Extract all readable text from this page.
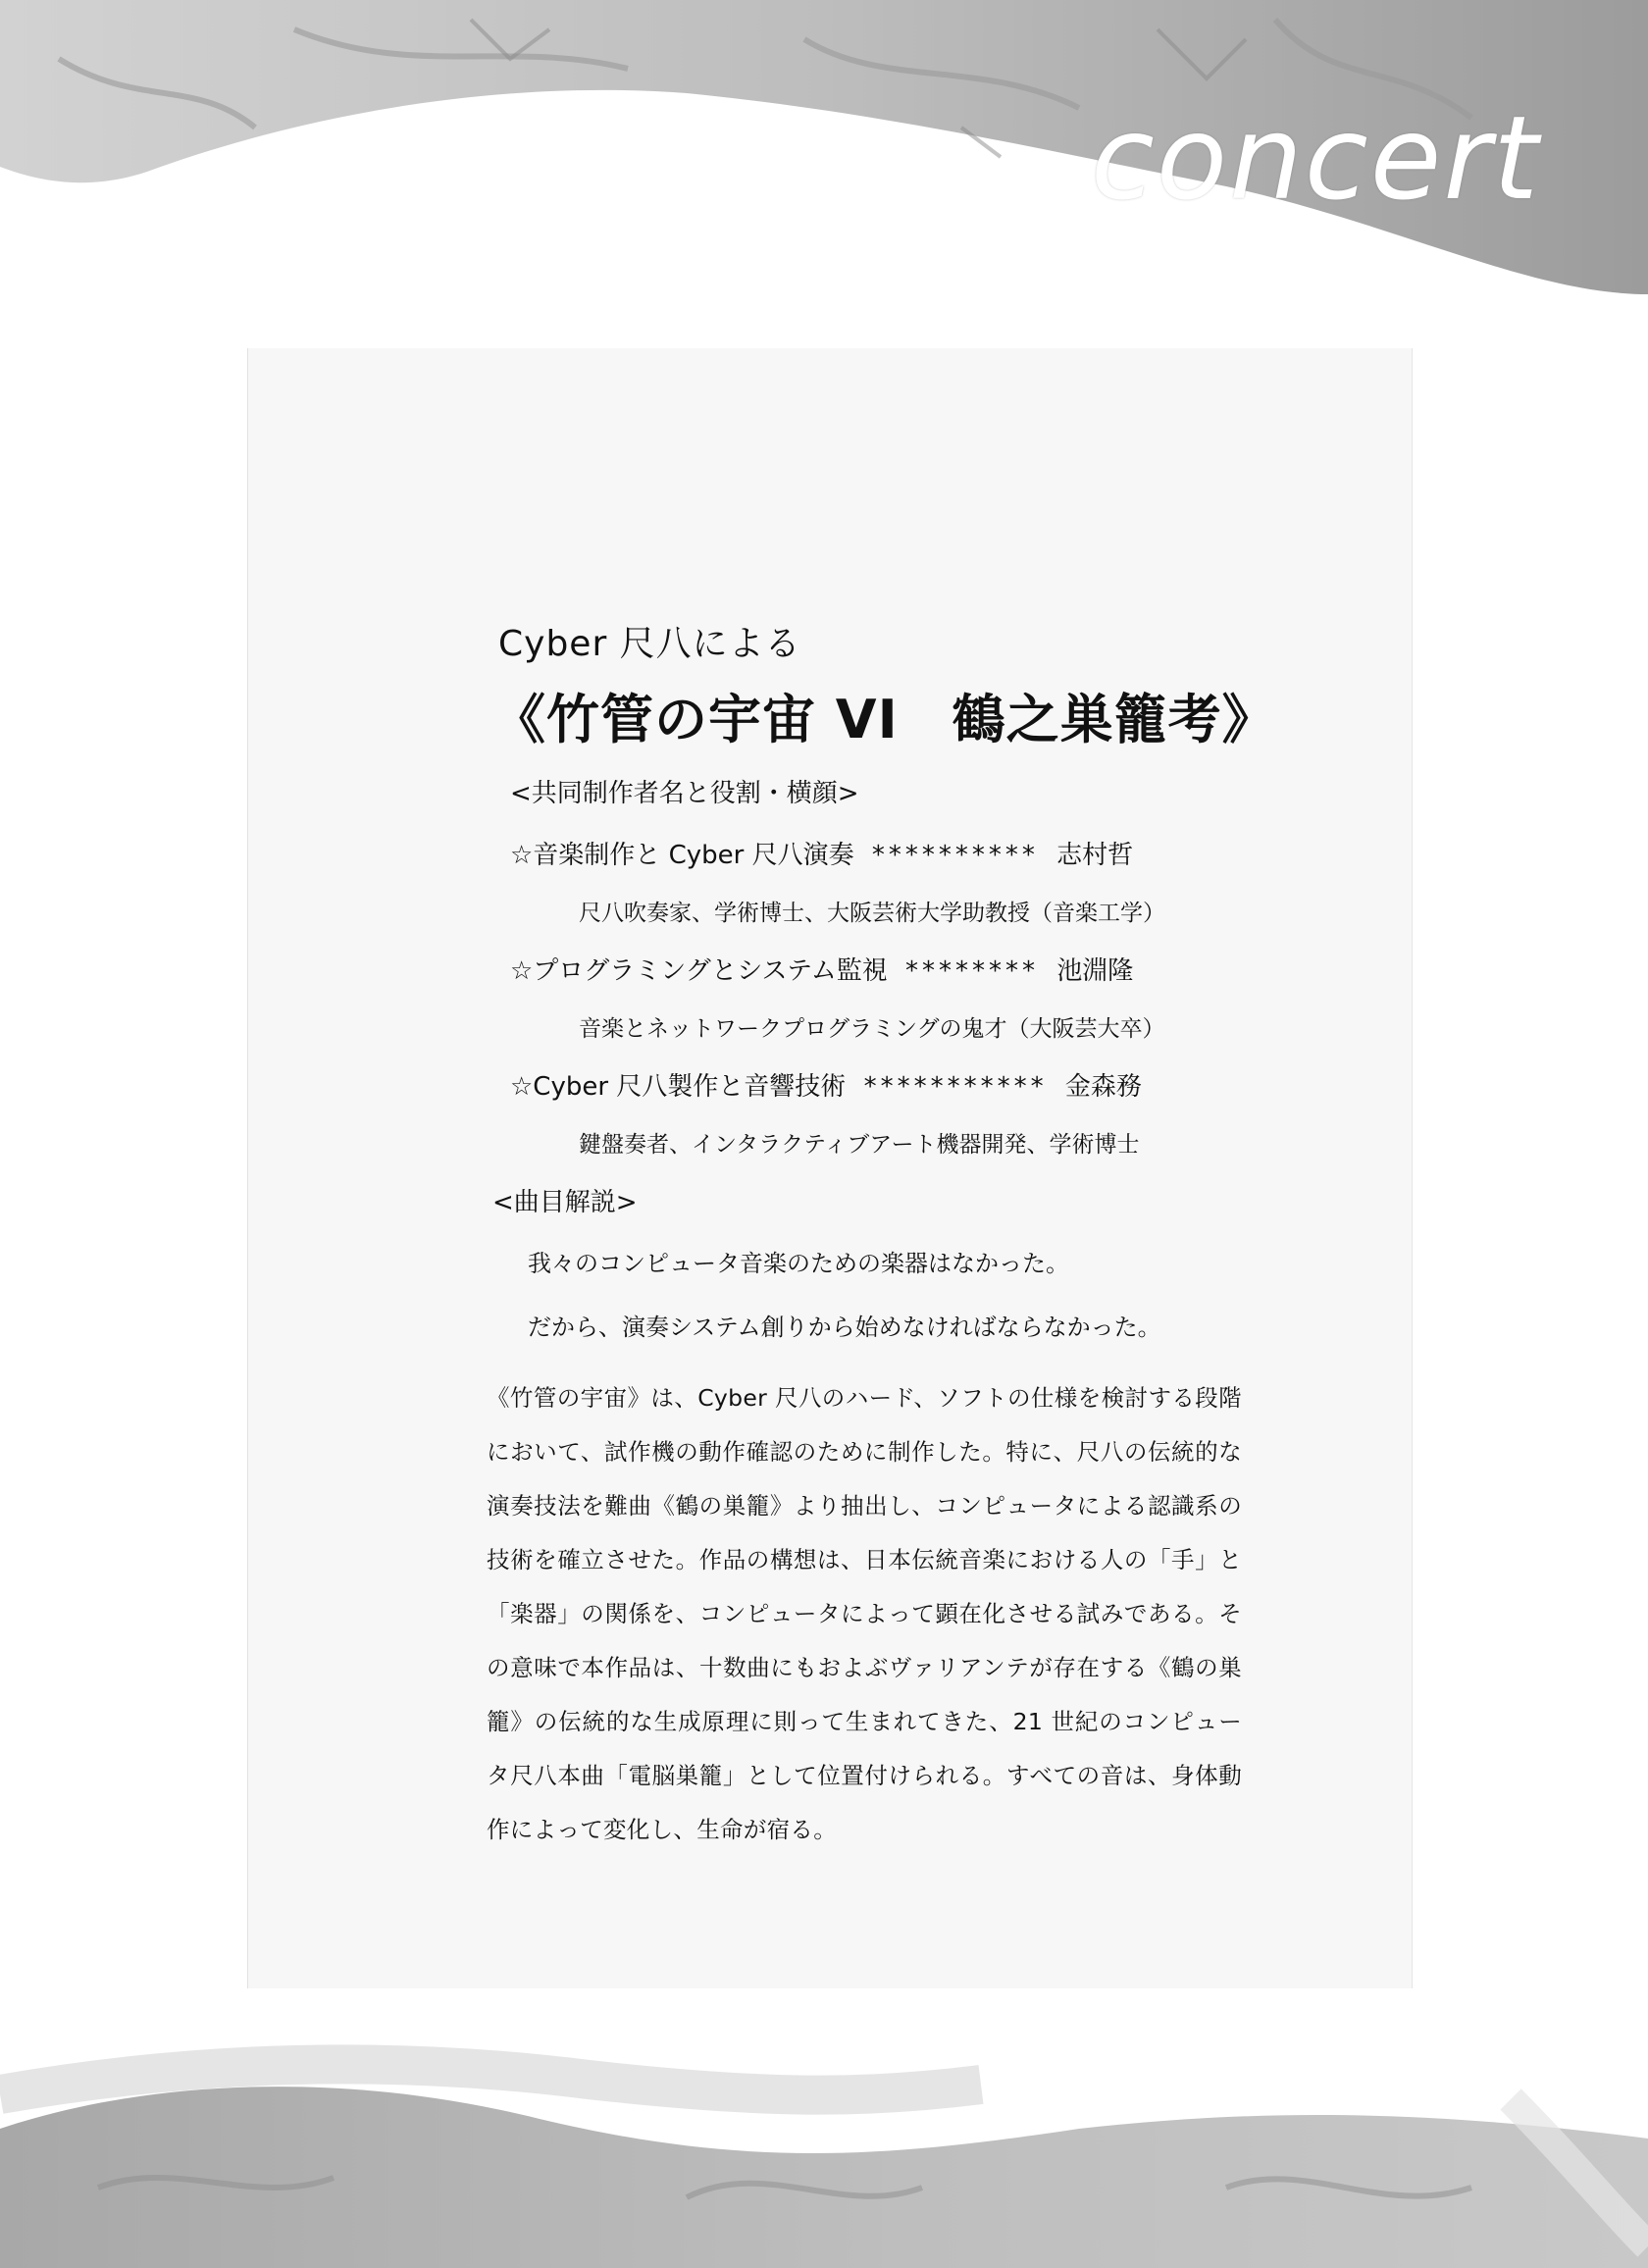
concert
Cyber 尺八による
《竹管の宇宙 VI　鶴之巣籠考》
<共同制作者名と役割・横顔>
☆音楽制作と Cyber 尺八演奏 ********** 志村哲
尺八吹奏家、学術博士、大阪芸術大学助教授（音楽工学）
☆プログラミングとシステム監視 ******** 池淵隆
音楽とネットワークプログラミングの鬼才（大阪芸大卒）
☆Cyber 尺八製作と音響技術 *********** 金森務
鍵盤奏者、インタラクティブアート機器開発、学術博士
<曲目解説>
我々のコンピュータ音楽のための楽器はなかった。
だから、演奏システム創りから始めなければならなかった。
《竹管の宇宙》は、Cyber 尺八のハード、ソフトの仕様を検討する段階において、試作機の動作確認のために制作した。特に、尺八の伝統的な演奏技法を難曲《鶴の巣籠》より抽出し、コンピュータによる認識系の技術を確立させた。作品の構想は、日本伝統音楽における人の「手」と「楽器」の関係を、コンピュータによって顕在化させる試みである。その意味で本作品は、十数曲にもおよぶヴァリアンテが存在する《鶴の巣籠》の伝統的な生成原理に則って生まれてきた、21 世紀のコンピュータ尺八本曲「電脳巣籠」として位置付けられる。すべての音は、身体動作によって変化し、生命が宿る。
